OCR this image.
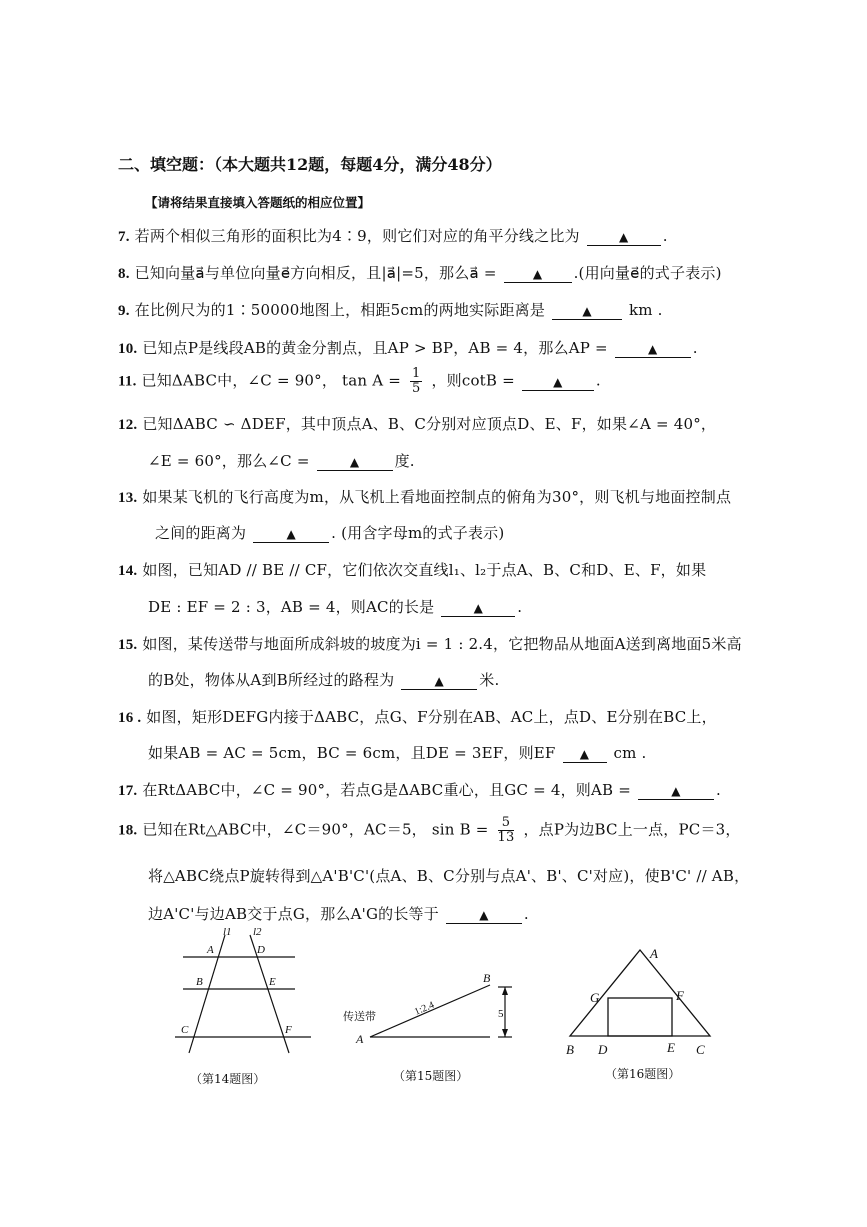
二、填空题：（本大题共12题，每题4分，满分48分）
【请将结果直接填入答题纸的相应位置】
7. 若两个相似三角形的面积比为4∶9，则它们对应的角平分线之比为	▲ .
8. 已知向量a⃗与单位向量e⃗方向相反，且|a⃗|=5，那么a⃗ =	▲ .(用向量e⃗的式子表示)
9. 在比例尺为的1∶50000地图上，相距5cm的两地实际距离是	▲ km .
10. 已知点P是线段AB的黄金分割点，且AP > BP，AB = 4，那么AP =	▲ .
11. 已知ΔABC中，∠C = 90°， $\tan A = \frac{1}{5}$ ，则cotB =	▲ .
12. 已知ΔABC ∽ ΔDEF，其中顶点A、B、C分别对应顶点D、E、F，如果∠A = 40°，
∠E = 60°，那么∠C =	▲ 度.
13. 如果某飞机的飞行高度为m，从飞机上看地面控制点的俯角为30°，则飞机与地面控制点
之间的距离为	▲ . (用含字母m的式子表示)
14. 如图，已知AD // BE // CF，它们依次交直线l₁、l₂于点A、B、C和D、E、F，如果
DE : EF = 2 : 3，AB = 4，则AC的长是	▲ .
15. 如图，某传送带与地面所成斜坡的坡度为i = 1 : 2.4，它把物品从地面A送到离地面5米高
的B处，物体从A到B所经过的路程为	▲ 米.
16 . 如图，矩形DEFG内接于ΔABC，点G、F分别在AB、AC上，点D、E分别在BC上，
如果AB = AC = 5cm，BC = 6cm，且DE = 3EF，则EF ▲ cm .
17. 在RtΔABC中，∠C = 90°，若点G是ΔABC重心，且GC = 4，则AB =	▲ .
18. 已知在Rt△ABC中，∠C＝90°，AC＝5， $\sin B = \frac{5}{13}$ ，点P为边BC上一点，PC＝3，
将△ABC绕点P旋转得到△A'B'C'(点A、B、C分别与点A'、B'、C'对应)，使B'C' // AB，
边A'C'与边AB交于点G，那么A'G的长等于	▲ .
l1 l2
A	D
B	E
C	F
（第14题图）
传送带	1:2.4	5
A
B
（第15题图）
A
G	F
B D	E C
（第16题图）
